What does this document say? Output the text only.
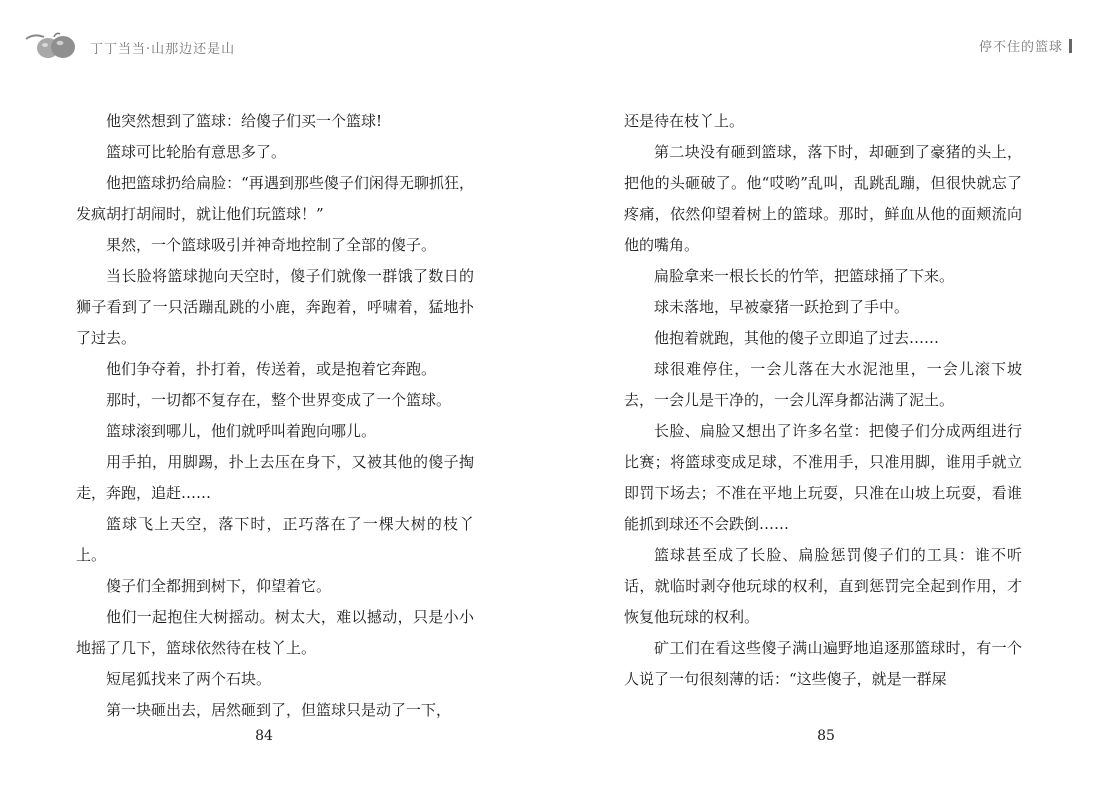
丁丁当当·山那边还是山

他突然想到了篮球：给傻子们买一个篮球!

篮球可比轮胎有意思多了。

他把篮球扔给扁脸：“再遇到那些傻子们闲得无聊抓狂，发疯胡打胡闹时，就让他们玩篮球！”

果然，一个篮球吸引并神奇地控制了全部的傻子。

当长脸将篮球抛向天空时，傻子们就像一群饿了数日的狮子看到了一只活蹦乱跳的小鹿，奔跑着，呼啸着，猛地扑了过去。

他们争夺着，扑打着，传送着，或是抱着它奔跑。

那时，一切都不复存在，整个世界变成了一个篮球。

篮球滚到哪儿，他们就呼叫着跑向哪儿。

用手拍，用脚踢，扑上去压在身下，又被其他的傻子掏走，奔跑，追赶……

篮球飞上天空，落下时，正巧落在了一棵大树的枝丫上。

傻子们全都拥到树下，仰望着它。

他们一起抱住大树摇动。树太大，难以撼动，只是小小地摇了几下，篮球依然待在枝丫上。

短尾狐找来了两个石块。

第一块砸出去，居然砸到了，但篮球只是动了一下，

84
停不住的篮球

还是待在枝丫上。

第二块没有砸到篮球，落下时，却砸到了豪猪的头上，把他的头砸破了。他“哎哟”乱叫，乱跳乱蹦，但很快就忘了疼痛，依然仰望着树上的篮球。那时，鲜血从他的面颊流向他的嘴角。

扁脸拿来一根长长的竹竿，把篮球捅了下来。

球未落地，早被豪猪一跃抢到了手中。

他抱着就跑，其他的傻子立即追了过去……

球很难停住，一会儿落在大水泥池里，一会儿滚下坡去，一会儿是干净的，一会儿浑身都沾满了泥土。

长脸、扁脸又想出了许多名堂：把傻子们分成两组进行比赛；将篮球变成足球，不准用手，只准用脚，谁用手就立即罚下场去；不准在平地上玩耍，只准在山坡上玩耍，看谁能抓到球还不会跌倒……

篮球甚至成了长脸、扁脸惩罚傻子们的工具：谁不听话，就临时剥夺他玩球的权利，直到惩罚完全起到作用，才恢复他玩球的权利。

矿工们在看这些傻子满山遍野地追逐那篮球时，有一个人说了一句很刻薄的话：“这些傻子，就是一群屎

85
